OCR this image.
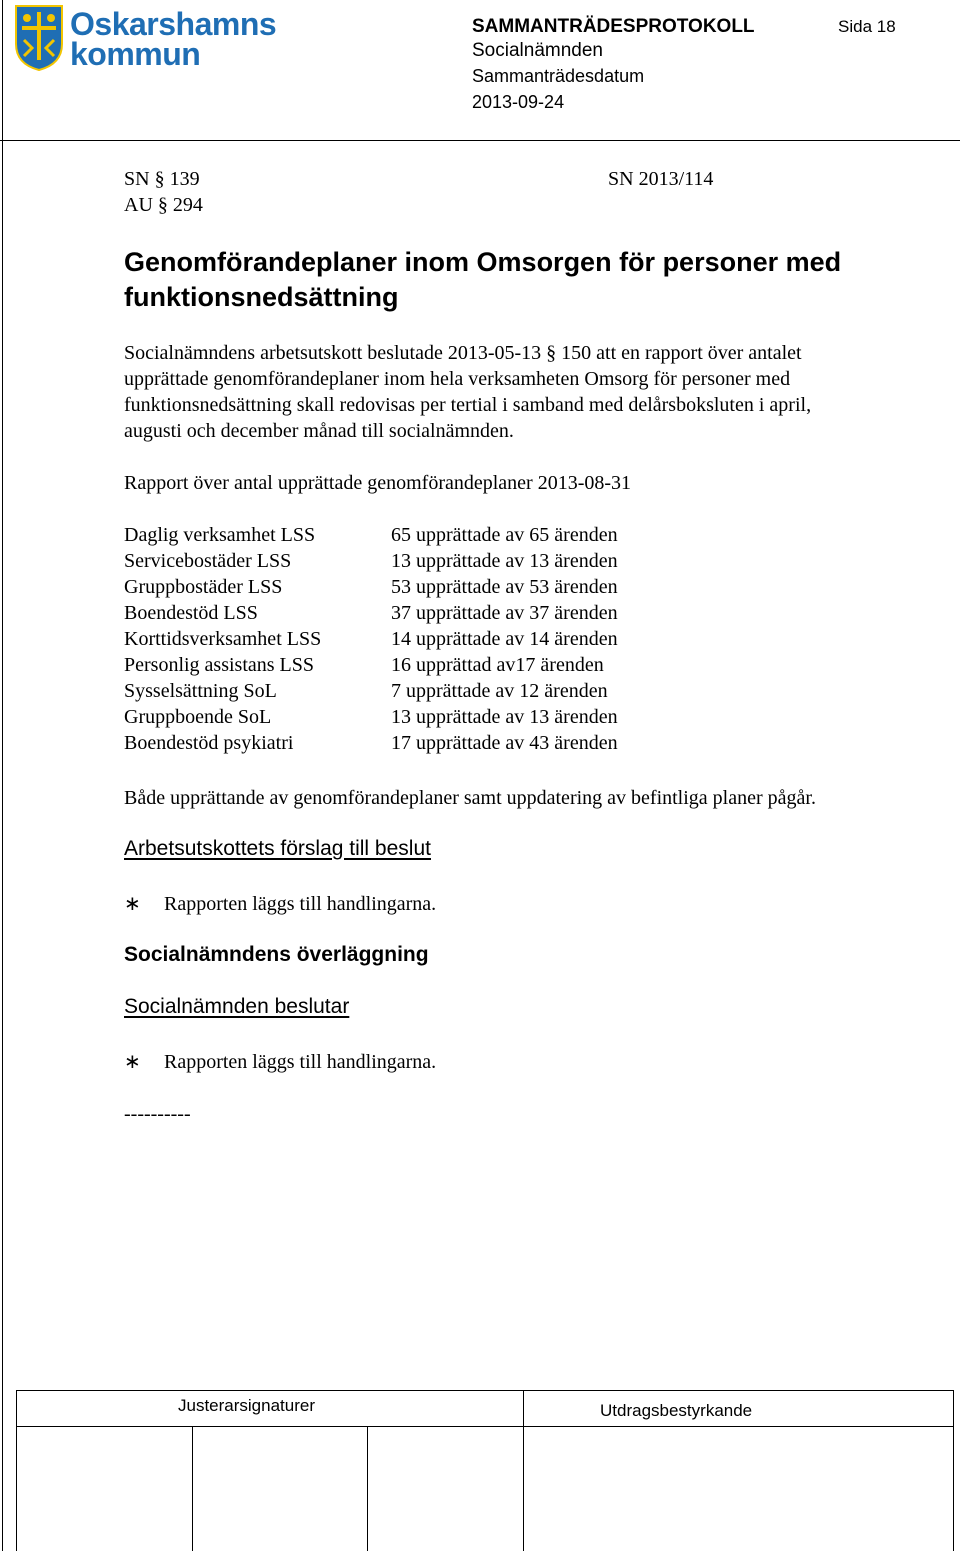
Oskarshamns
kommun
SAMMANTRÄDESPROTOKOLL	Sida 18
Socialnämnden
Sammanträdesdatum
2013-09-24
SN § 139
AU § 294
SN 2013/114
Genomförandeplaner inom Omsorgen för personer med
funktionsnedsättning
Socialnämndens arbetsutskott beslutade 2013-05-13 § 150 att en rapport över antalet
upprättade genomförandeplaner inom hela verksamheten Omsorg för personer med
funktionsnedsättning skall redovisas per tertial i samband med delårsboksluten i april,
augusti och december månad till socialnämnden.
Rapport över antal upprättade genomförandeplaner 2013-08-31
Daglig verksamhet LSS	65 upprättade av 65 ärenden
Servicebostäder LSS	13 upprättade av 13 ärenden
Gruppbostäder LSS	53 upprättade av 53 ärenden
Boendestöd LSS	37 upprättade av 37 ärenden
Korttidsverksamhet LSS	14 upprättade av 14 ärenden
Personlig assistans LSS	16 upprättad av17 ärenden
Sysselsättning SoL	7 upprättade av 12 ärenden
Gruppboende SoL	13 upprättade av 13 ärenden
Boendestöd psykiatri	17 upprättade av 43 ärenden
Både upprättande av genomförandeplaner samt uppdatering av befintliga planer pågår.
Arbetsutskottets förslag till beslut
∗ Rapporten läggs till handlingarna.
Socialnämndens överläggning
Socialnämnden beslutar
∗ Rapporten läggs till handlingarna.
----------
Justerarsignaturer	Utdragsbestyrkande
